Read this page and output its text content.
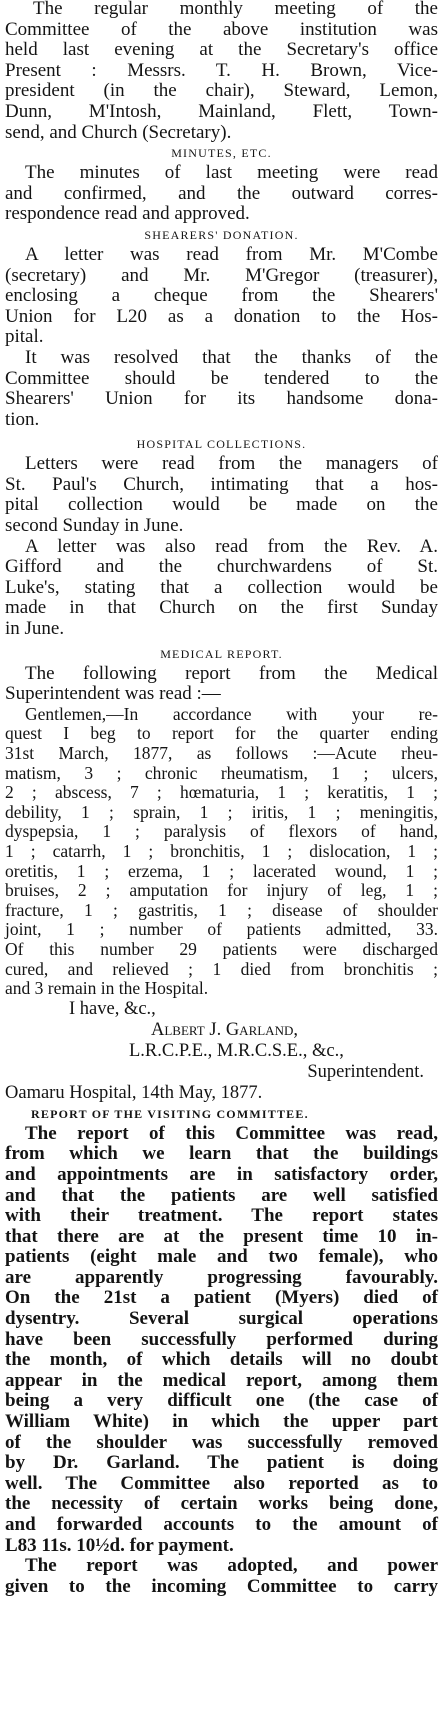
The regular monthly meeting of the

Committee of the above institution was

held last evening at the Secretary's office

Present : Messrs. T. H. Brown, Vice-

president (in the chair), Steward, Lemon,

Dunn, M'Intosh, Mainland, Flett, Town-

send, and Church (Secretary).

MINUTES, ETC.

The minutes of last meeting were read

and confirmed, and the outward corres-

respondence read and approved.

SHEARERS' DONATION.

A letter was read from Mr. M'Combe

(secretary) and Mr. M'Gregor (treasurer),

enclosing a cheque from the Shearers'

Union for L20 as a donation to the Hos-

pital.

It was resolved that the thanks of the

Committee should be tendered to the

Shearers' Union for its handsome dona-

tion.

HOSPITAL COLLECTIONS.

Letters were read from the managers of

St. Paul's Church, intimating that a hos-

pital collection would be made on the

second Sunday in June.

A letter was also read from the Rev. A.

Gifford and the churchwardens of St.

Luke's, stating that a collection would be

made in that Church on the first Sunday

in June.

MEDICAL REPORT.

The following report from the Medical

Superintendent was read :—

Gentlemen,—In accordance with your re-

quest I beg to report for the quarter ending

31st March, 1877, as follows :—Acute rheu-

matism, 3 ; chronic rheumatism, 1 ; ulcers,

2 ; abscess, 7 ; hœmaturia, 1 ; keratitis, 1 ;

debility, 1 ; sprain, 1 ; iritis, 1 ; meningitis,

dyspepsia, 1 ; paralysis of flexors of hand,

1 ; catarrh, 1 ; bronchitis, 1 ; dislocation, 1 ;

oretitis, 1 ; erzema, 1 ; lacerated wound, 1 ;

bruises, 2 ; amputation for injury of leg, 1 ;

fracture, 1 ; gastritis, 1 ; disease of shoulder

joint, 1 ; number of patients admitted, 33.

Of this number 29 patients were discharged

cured, and relieved ; 1 died from bronchitis ;

and 3 remain in the Hospital.

I have, &c.,

Albert J. Garland,

L.R.C.P.E., M.R.C.S.E., &c.,

Superintendent.

Oamaru Hospital, 14th May, 1877.

REPORT OF THE VISITING COMMITTEE.

The report of this Committee was read,

from which we learn that the buildings

and appointments are in satisfactory order,

and that the patients are well satisfied

with their treatment. The report states

that there are at the present time 10 in-

patients (eight male and two female), who

are apparently progressing favourably.

On the 21st a patient (Myers) died of

dysentry. Several surgical operations

have been successfully performed during

the month, of which details will no doubt

appear in the medical report, among them

being a very difficult one (the case of

William White) in which the upper part

of the shoulder was successfully removed

by Dr. Garland. The patient is doing

well. The Committee also reported as to

the necessity of certain works being done,

and forwarded accounts to the amount of

L83 11s. 10½d. for payment.

The report was adopted, and power

given to the incoming Committee to carry
